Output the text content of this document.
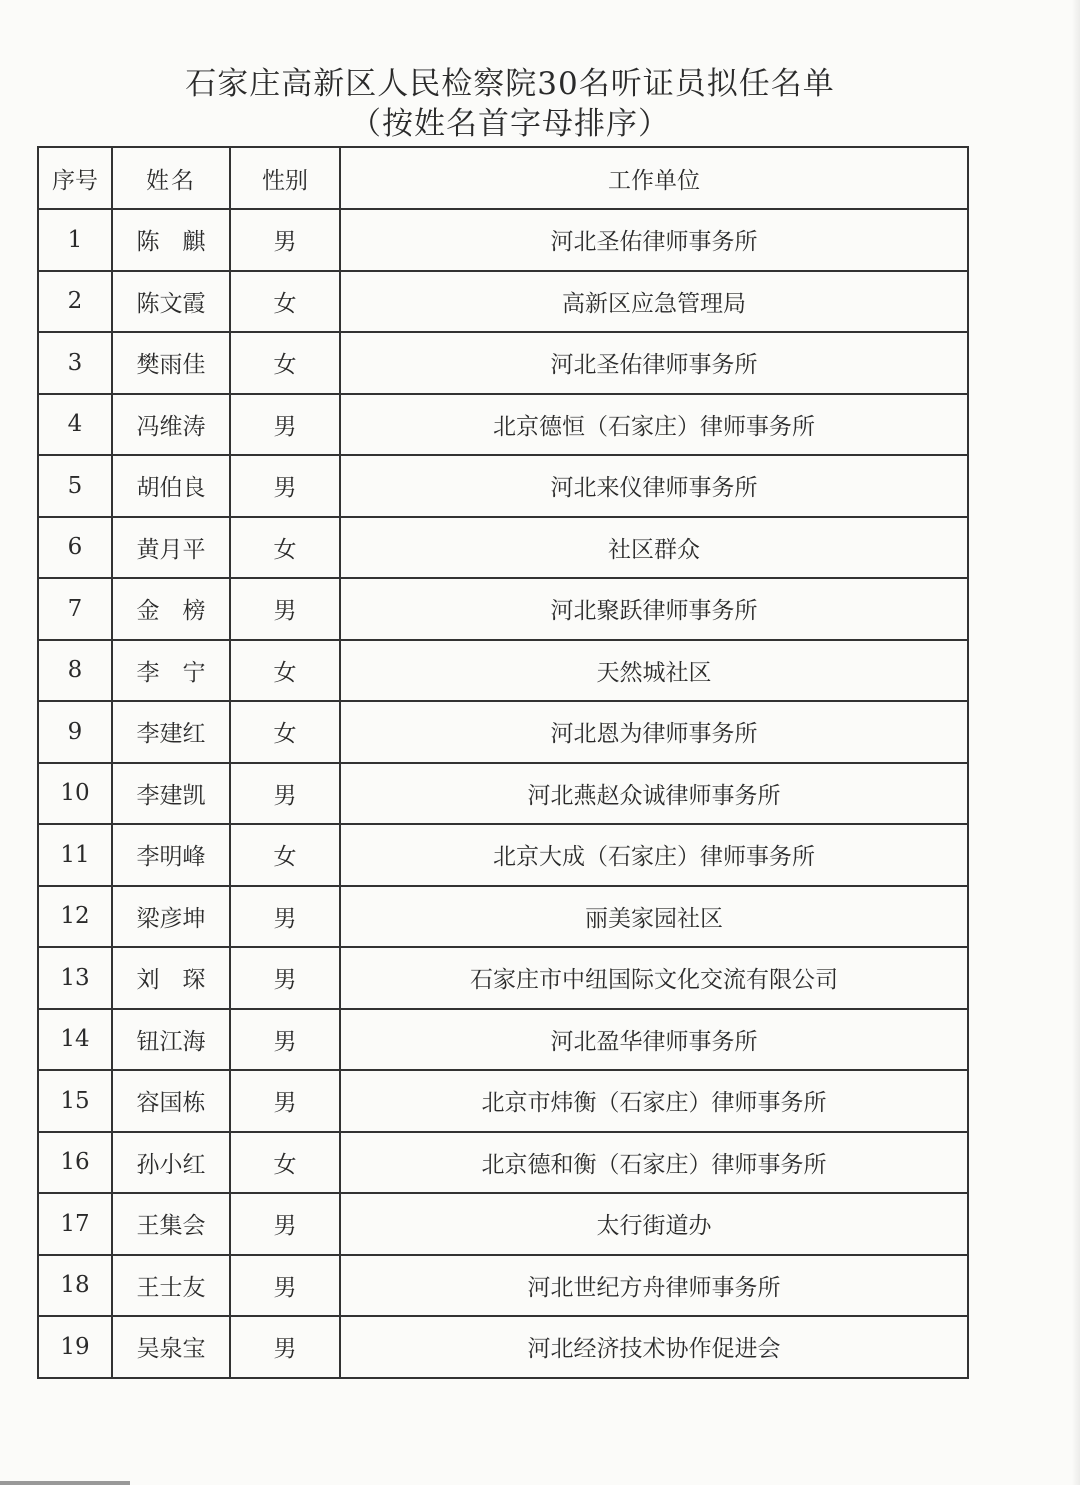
石家庄高新区人民检察院30名听证员拟任名单
（按姓名首字母排序）
序号	姓名	性别	工作单位
1	陈　麒	男	河北圣佑律师事务所
2	陈文霞	女	高新区应急管理局
3	樊雨佳	女	河北圣佑律师事务所
4	冯维涛	男	北京德恒（石家庄）律师事务所
5	胡伯良	男	河北来仪律师事务所
6	黄月平	女	社区群众
7	金　榜	男	河北聚跃律师事务所
8	李　宁	女	天然城社区
9	李建红	女	河北恩为律师事务所
10	李建凯	男	河北燕赵众诚律师事务所
11	李明峰	女	北京大成（石家庄）律师事务所
12	梁彦坤	男	丽美家园社区
13	刘　琛	男	石家庄市中纽国际文化交流有限公司
14	钮江海	男	河北盈华律师事务所
15	容国栋	男	北京市炜衡（石家庄）律师事务所
16	孙小红	女	北京德和衡（石家庄）律师事务所
17	王集会	男	太行街道办
18	王士友	男	河北世纪方舟律师事务所
19	吴泉宝	男	河北经济技术协作促进会
